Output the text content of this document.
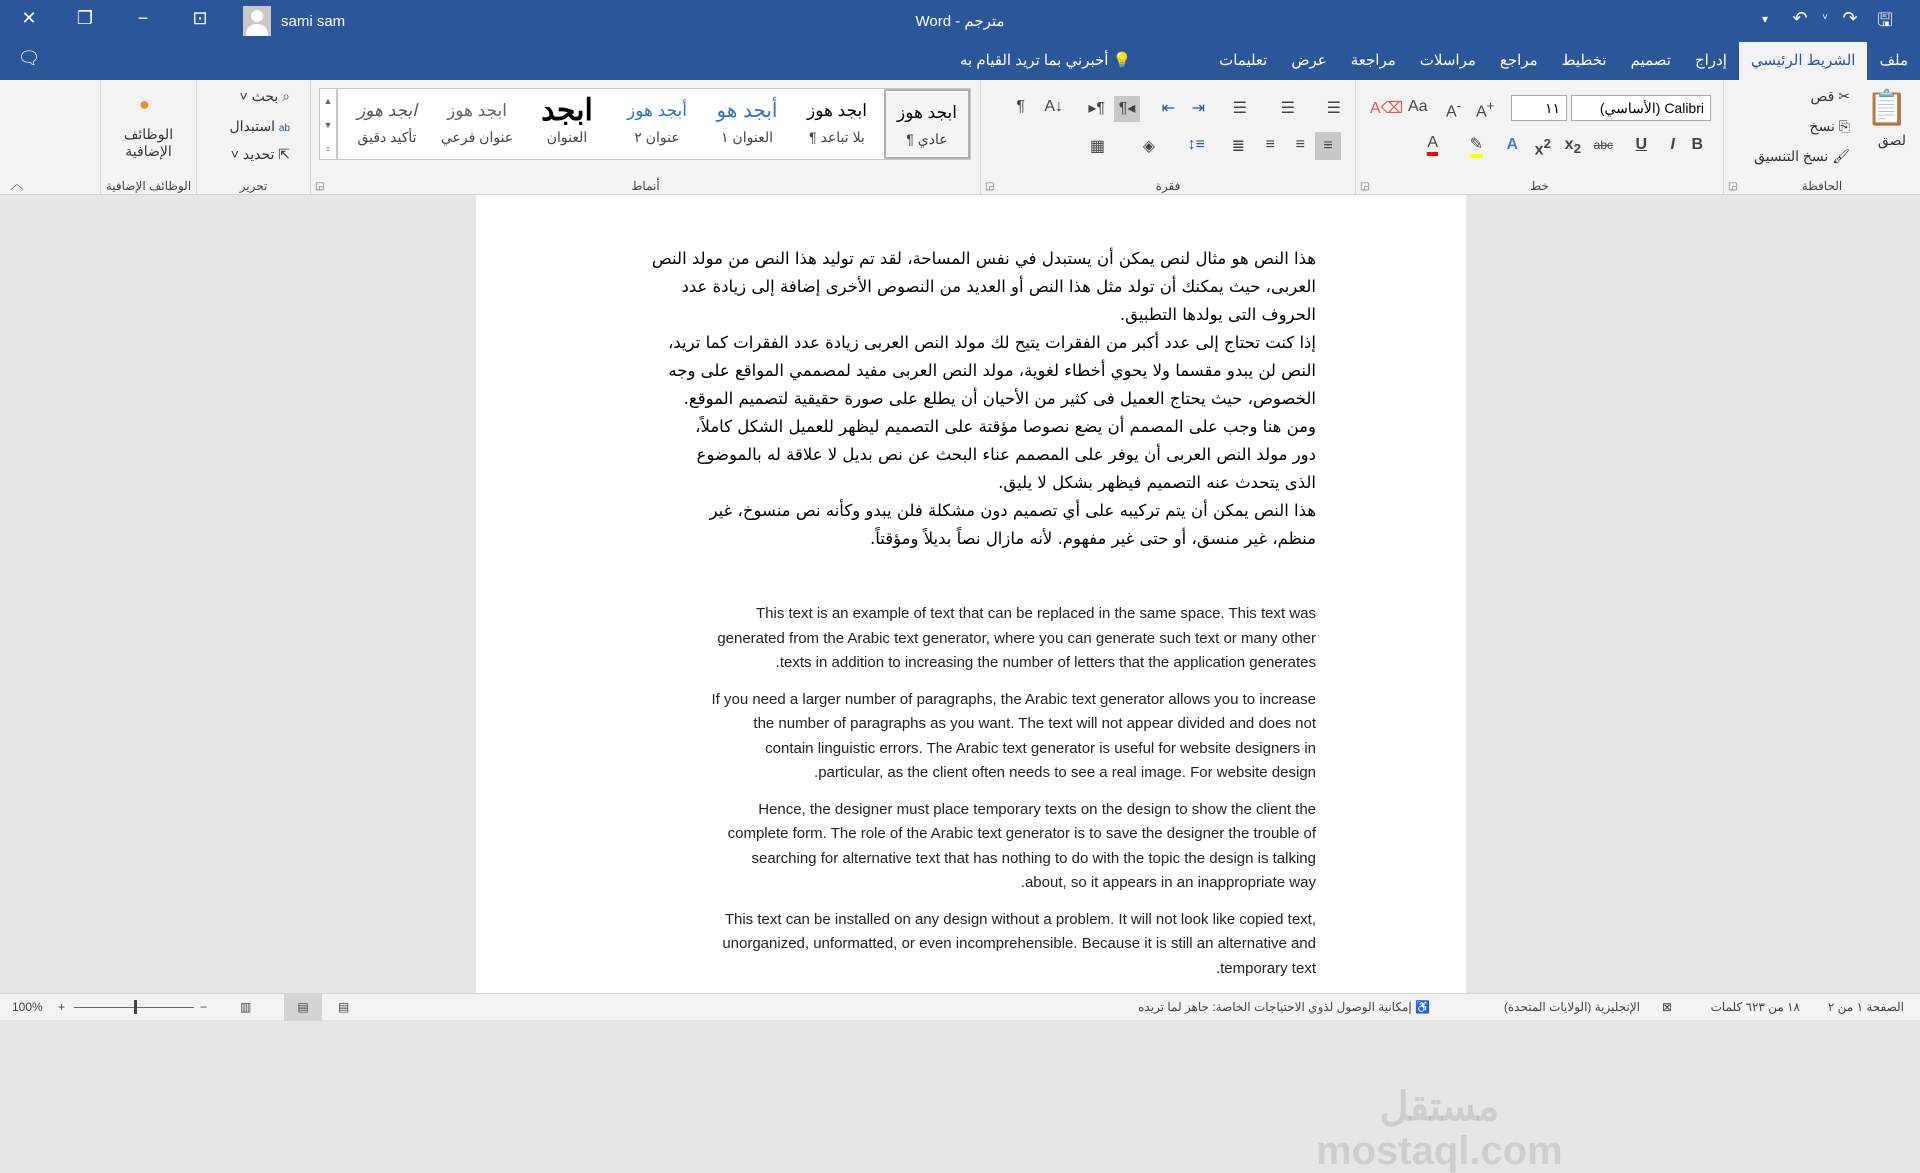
✕	❐	−	⊡	sami sam	Word - مترجم	▾	↶	˅ ↷	🖫
🗨	💡 أخبرني بما تريد القيام به	ملف
الشريط الرئيسي
إدراج
تصميم
تخطيط
مراجع
مراسلات
مراجعة
عرض
تعليمات
📋
لصق
✂ قص
⎘ نسخ
🖌 نسخ التنسيق
الحافظة
◲
Calibri (الأساسي)
١١
A+
A-
Aa
A⌫
B
I
U
abc
$x_2$
$x^2$
A
✎
A
خط
◲
☰
☰
☰
⇥
⇤
¶◂
▸¶
A↓
¶
≡
≡
≡
≣
↕≡
◈
▦
فقرة
◲
▲
▼
⩡
ابجد هوز
¶ عادي
ابجد هوز
¶ بلا تباعد
أبجد هو
العنوان ١
أبجد هوز
عنوان ٢
ابجد
العنوان
ابجد هوز
عنوان فرعي
ابجد هوز
تأكيد دقيق
أنماط
◲
⌕ بحث ˅
ab استبدال
⇱ تحديد ˅
تحرير
●
الوظائف الإضافية
الوظائف الإضافية
︿
هذا النص هو مثال لنص يمكن أن يستبدل في نفس المساحة، لقد تم توليد هذا النص من مولد النص
العربى، حيث يمكنك أن تولد مثل هذا النص أو العديد من النصوص الأخرى إضافة إلى زيادة عدد
الحروف التى يولدها التطبيق.
إذا كنت تحتاج إلى عدد أكبر من الفقرات يتيح لك مولد النص العربى زيادة عدد الفقرات كما تريد،
النص لن يبدو مقسما ولا يحوي أخطاء لغوية، مولد النص العربى مفيد لمصممي المواقع على وجه
الخصوص، حيث يحتاج العميل فى كثير من الأحيان أن يطلع على صورة حقيقية لتصميم الموقع.
ومن هنا وجب على المصمم أن يضع نصوصا مؤقتة على التصميم ليظهر للعميل الشكل كاملاً،
دور مولد النص العربى أن يوفر على المصمم عناء البحث عن نص بديل لا علاقة له بالموضوع
الذى يتحدث عنه التصميم فيظهر بشكل لا يليق.
هذا النص يمكن أن يتم تركيبه على أي تصميم دون مشكلة فلن يبدو وكأنه نص منسوخ، غير
منظم، غير منسق، أو حتى غير مفهوم. لأنه مازال نصاً بديلاً ومؤقتاً.
This text is an example of text that can be replaced in the same space. This text was
generated from the Arabic text generator, where you can generate such text or many other
.texts in addition to increasing the number of letters that the application generates
If you need a larger number of paragraphs, the Arabic text generator allows you to increase
the number of paragraphs as you want. The text will not appear divided and does not
contain linguistic errors. The Arabic text generator is useful for website designers in
.particular, as the client often needs to see a real image. For website design
Hence, the designer must place temporary texts on the design to show the client the
complete form. The role of the Arabic text generator is to save the designer the trouble of
searching for alternative text that has nothing to do with the topic the design is talking
.about, so it appears in an inappropriate way
This text can be installed on any design without a problem. It will not look like copied text,
unorganized, unformatted, or even incomprehensible. Because it is still an alternative and
.temporary text
مستقل
mostaql.com
الصفحة ١ من ٢
١٨ من ٦٢٣ كلمات
⊠
الإنجليزية (الولايات المتحدة)
♿ إمكانية الوصول لذوي الاحتياجات الخاصة: جاهز لما تريده
▤
▤
▥
−
+
100%
